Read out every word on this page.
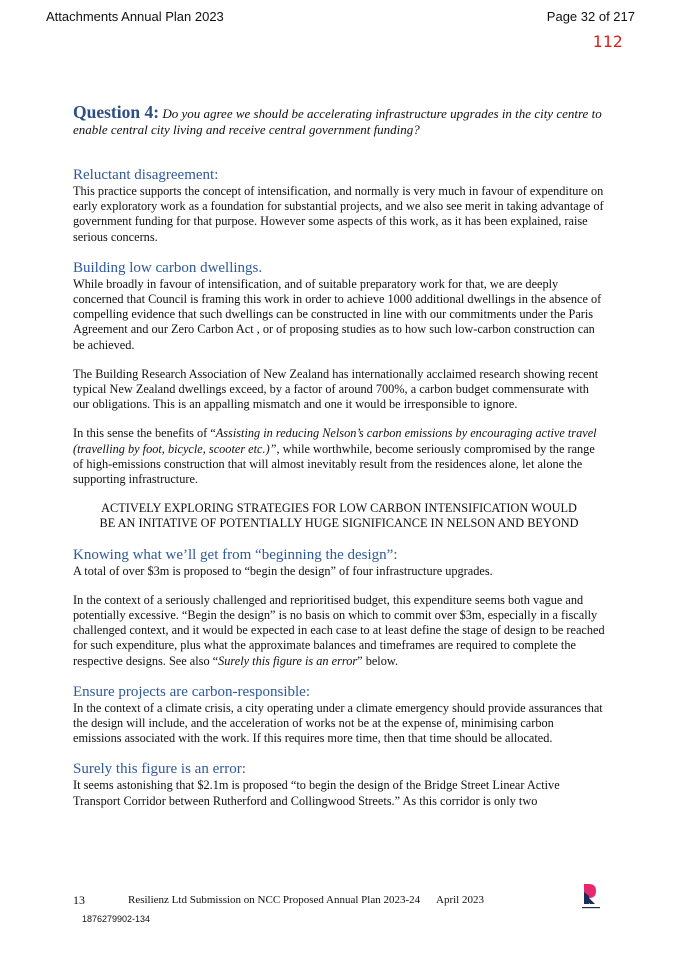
Attachments Annual Plan 2023	Page 32 of 217
112
Question 4: Do you agree we should be accelerating infrastructure upgrades in the city centre to enable central city living and receive central government funding?
Reluctant disagreement:

This practice supports the concept of intensification, and normally is very much in favour of expenditure on early exploratory work as a foundation for substantial projects, and we also see merit in taking advantage of government funding for that purpose. However some aspects of this work, as it has been explained, raise serious concerns.

Building low carbon dwellings.

While broadly in favour of intensification, and of suitable preparatory work for that, we are deeply concerned that Council is framing this work in order to achieve 1000 additional dwellings in the absence of compelling evidence that such dwellings can be constructed in line with our commitments under the Paris Agreement and our Zero Carbon Act , or of proposing studies as to how such low-carbon construction can be achieved.

The Building Research Association of New Zealand has internationally acclaimed research showing recent typical New Zealand dwellings exceed, by a factor of around 700%, a carbon budget commensurate with our obligations. This is an appalling mismatch and one it would be irresponsible to ignore.

In this sense the benefits of “Assisting in reducing Nelson’s carbon emissions by encouraging active travel (travelling by foot, bicycle, scooter etc.)”, while worthwhile, become seriously compromised by the range of high-emissions construction that will almost inevitably result from the residences alone, let alone the supporting infrastructure.

ACTIVELY EXPLORING STRATEGIES FOR LOW CARBON INTENSIFICATION WOULD

BE AN INITATIVE OF POTENTIALLY HUGE SIGNIFICANCE IN NELSON AND BEYOND

Knowing what we’ll get from “beginning the design”:

A total of over $3m is proposed to “begin the design” of four infrastructure upgrades.

In the context of a seriously challenged and reprioritised budget, this expenditure seems both vague and potentially excessive. “Begin the design” is no basis on which to commit over $3m, especially in a fiscally challenged context, and it would be expected in each case to at least define the stage of design to be reached for such expenditure, plus what the approximate balances and timeframes are required to complete the respective designs. See also “Surely this figure is an error” below.

Ensure projects are carbon-responsible:

In the context of a climate crisis, a city operating under a climate emergency should provide assurances that the design will include, and the acceleration of works not be at the expense of, minimising carbon emissions associated with the work. If this requires more time, then that time should be allocated.

Surely this figure is an error:

It seems astonishing that $2.1m is proposed “to begin the design of the Bridge Street Linear Active Transport Corridor between Rutherford and Collingwood Streets.” As this corridor is only two

13	Resilienz Ltd Submission on NCC Proposed Annual Plan 2023-24      April 2023
1876279902-134
